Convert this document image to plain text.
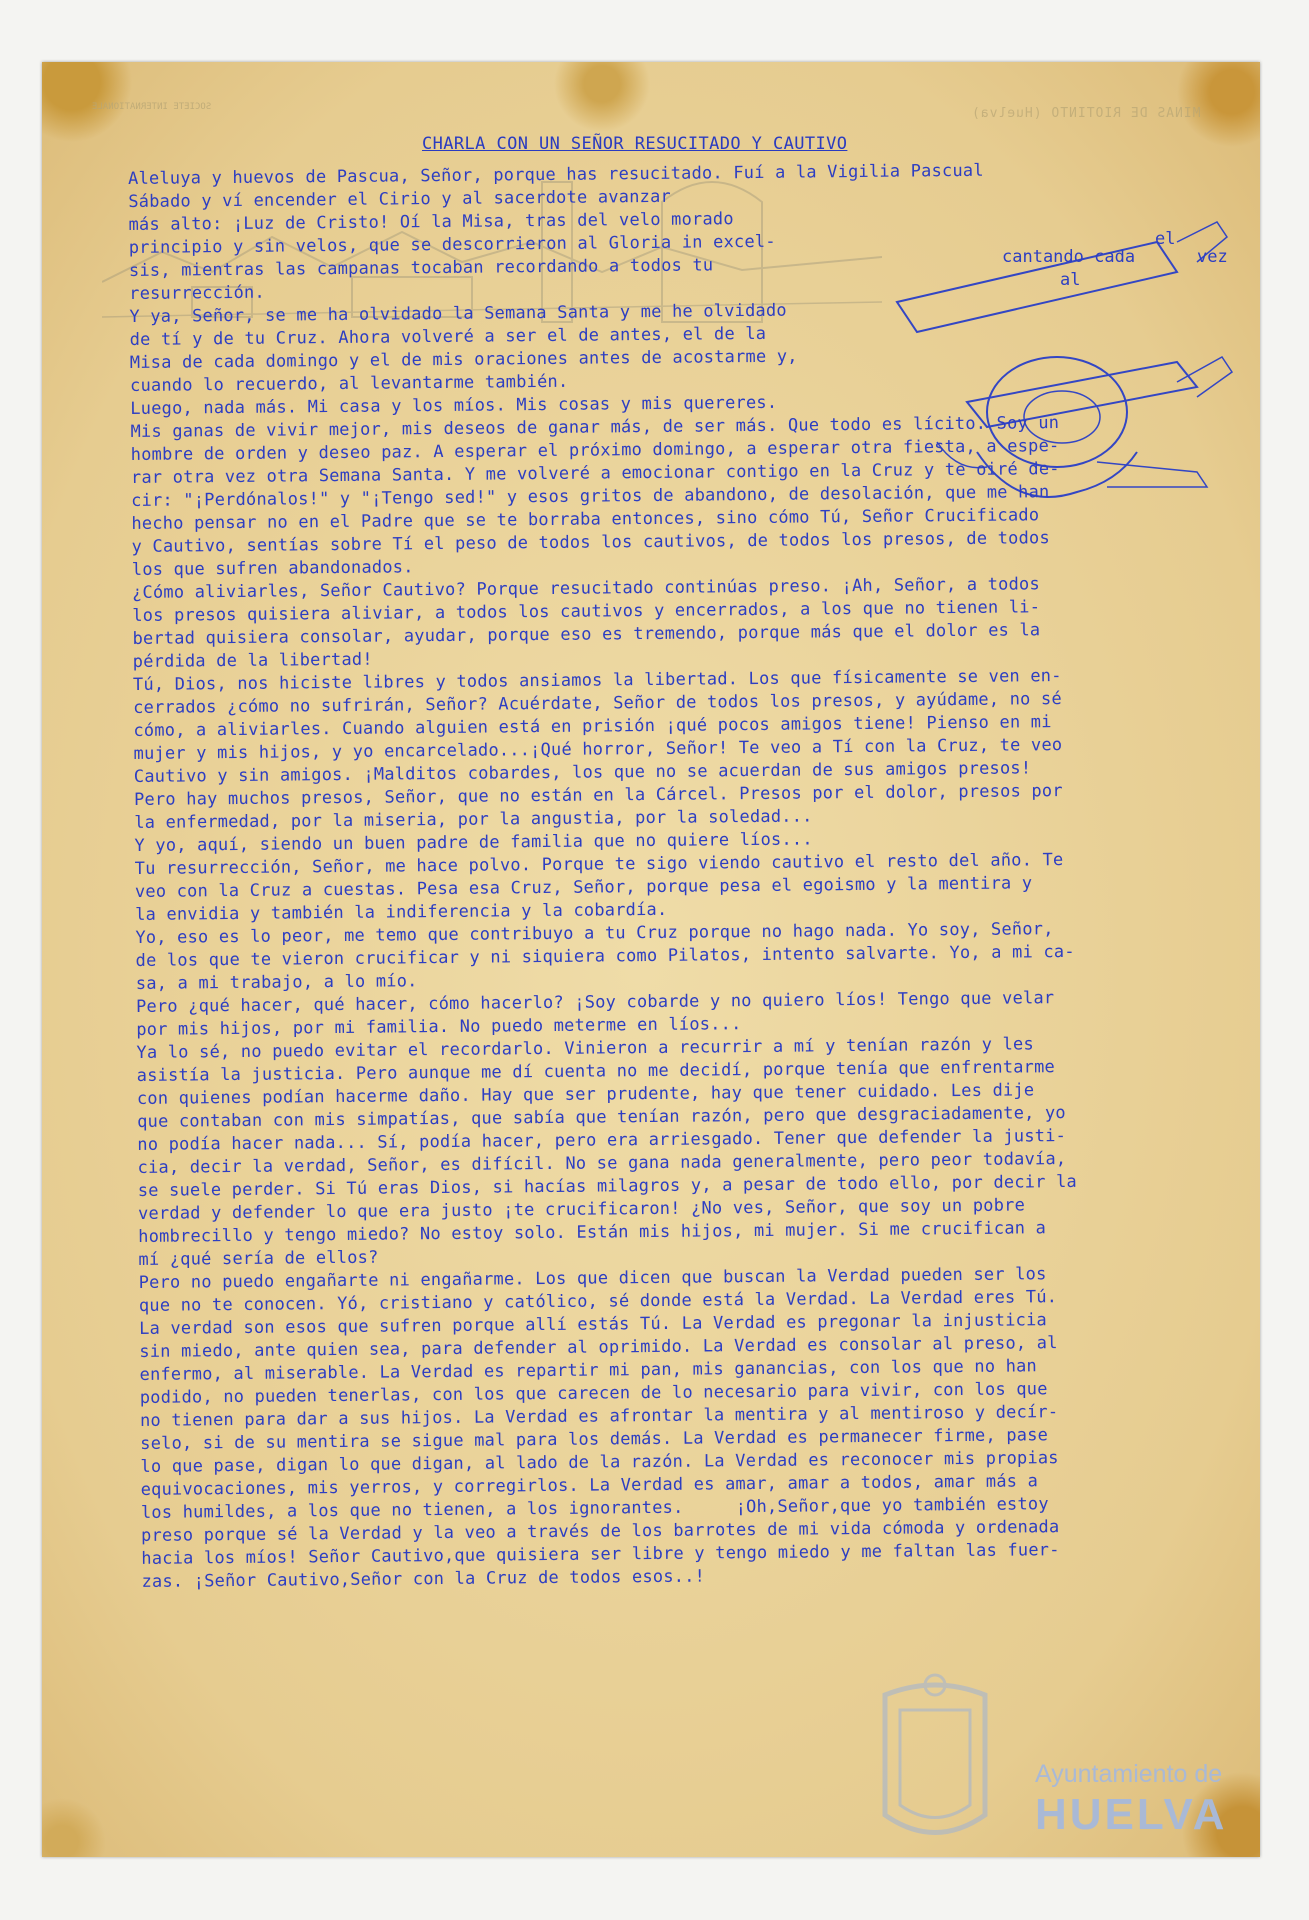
SOCIETE INTERNATIONALE	MINAS DE RIOTINTO (Huelva)
el
cantando cada	vez
al
CHARLA CON UN SEÑOR RESUCITADO Y CAUTIVO
Aleluya y huevos de Pascua, Señor, porque has resucitado. Fuí a la Vigilia Pascual
Sábado y ví encender el Cirio y al sacerdote avanzar
más alto: ¡Luz de Cristo! Oí la Misa, tras del velo morado
principio y sin velos, que se descorrieron al Gloria in excel-
sis, mientras las campanas tocaban recordando a todos tu
resurrección.
Y ya, Señor, se me ha olvidado la Semana Santa y me he olvidado
de tí y de tu Cruz. Ahora volveré a ser el de antes, el de la
Misa de cada domingo y el de mis oraciones antes de acostarme y,
cuando lo recuerdo, al levantarme también.
Luego, nada más. Mi casa y los míos. Mis cosas y mis quereres.
Mis ganas de vivir mejor, mis deseos de ganar más, de ser más. Que todo es lícito. Soy un
hombre de orden y deseo paz. A esperar el próximo domingo, a esperar otra fiesta, a espe-
rar otra vez otra Semana Santa. Y me volveré a emocionar contigo en la Cruz y te oiré de-
cir: "¡Perdónalos!" y "¡Tengo sed!" y esos gritos de abandono, de desolación, que me han
hecho pensar no en el Padre que se te borraba entonces, sino cómo Tú, Señor Crucificado
y Cautivo, sentías sobre Tí el peso de todos los cautivos, de todos los presos, de todos
los que sufren abandonados.
¿Cómo aliviarles, Señor Cautivo? Porque resucitado continúas preso. ¡Ah, Señor, a todos
los presos quisiera aliviar, a todos los cautivos y encerrados, a los que no tienen li-
bertad quisiera consolar, ayudar, porque eso es tremendo, porque más que el dolor es la
pérdida de la libertad!
Tú, Dios, nos hiciste libres y todos ansiamos la libertad. Los que físicamente se ven en-
cerrados ¿cómo no sufrirán, Señor? Acuérdate, Señor de todos los presos, y ayúdame, no sé
cómo, a aliviarles. Cuando alguien está en prisión ¡qué pocos amigos tiene! Pienso en mi
mujer y mis hijos, y yo encarcelado...¡Qué horror, Señor! Te veo a Tí con la Cruz, te veo
Cautivo y sin amigos. ¡Malditos cobardes, los que no se acuerdan de sus amigos presos!
Pero hay muchos presos, Señor, que no están en la Cárcel. Presos por el dolor, presos por
la enfermedad, por la miseria, por la angustia, por la soledad...
Y yo, aquí, siendo un buen padre de familia que no quiere líos...
Tu resurrección, Señor, me hace polvo. Porque te sigo viendo cautivo el resto del año. Te
veo con la Cruz a cuestas. Pesa esa Cruz, Señor, porque pesa el egoismo y la mentira y
la envidia y también la indiferencia y la cobardía.
Yo, eso es lo peor, me temo que contribuyo a tu Cruz porque no hago nada. Yo soy, Señor,
de los que te vieron crucificar y ni siquiera como Pilatos, intento salvarte. Yo, a mi ca-
sa, a mi trabajo, a lo mío.
Pero ¿qué hacer, qué hacer, cómo hacerlo? ¡Soy cobarde y no quiero líos! Tengo que velar
por mis hijos, por mi familia. No puedo meterme en líos...
Ya lo sé, no puedo evitar el recordarlo. Vinieron a recurrir a mí y tenían razón y les
asistía la justicia. Pero aunque me dí cuenta no me decidí, porque tenía que enfrentarme
con quienes podían hacerme daño. Hay que ser prudente, hay que tener cuidado. Les dije
que contaban con mis simpatías, que sabía que tenían razón, pero que desgraciadamente, yo
no podía hacer nada... Sí, podía hacer, pero era arriesgado. Tener que defender la justi-
cia, decir la verdad, Señor, es difícil. No se gana nada generalmente, pero peor todavía,
se suele perder. Si Tú eras Dios, si hacías milagros y, a pesar de todo ello, por decir la
verdad y defender lo que era justo ¡te crucificaron! ¿No ves, Señor, que soy un pobre
hombrecillo y tengo miedo? No estoy solo. Están mis hijos, mi mujer. Si me crucifican a
mí ¿qué sería de ellos?
Pero no puedo engañarte ni engañarme. Los que dicen que buscan la Verdad pueden ser los
que no te conocen. Yó, cristiano y católico, sé donde está la Verdad. La Verdad eres Tú.
La verdad son esos que sufren porque allí estás Tú. La Verdad es pregonar la injusticia
sin miedo, ante quien sea, para defender al oprimido. La Verdad es consolar al preso, al
enfermo, al miserable. La Verdad es repartir mi pan, mis ganancias, con los que no han
podido, no pueden tenerlas, con los que carecen de lo necesario para vivir, con los que
no tienen para dar a sus hijos. La Verdad es afrontar la mentira y al mentiroso y decír-
selo, si de su mentira se sigue mal para los demás. La Verdad es permanecer firme, pase
lo que pase, digan lo que digan, al lado de la razón. La Verdad es reconocer mis propias
equivocaciones, mis yerros, y corregirlos. La Verdad es amar, amar a todos, amar más a
los humildes, a los que no tienen, a los ignorantes.     ¡Oh,Señor,que yo también estoy
preso porque sé la Verdad y la veo a través de los barrotes de mi vida cómoda y ordenada
hacia los míos! Señor Cautivo,que quisiera ser libre y tengo miedo y me faltan las fuer-
zas. ¡Señor Cautivo,Señor con la Cruz de todos esos..!
Ayuntamiento de
HUELVA
